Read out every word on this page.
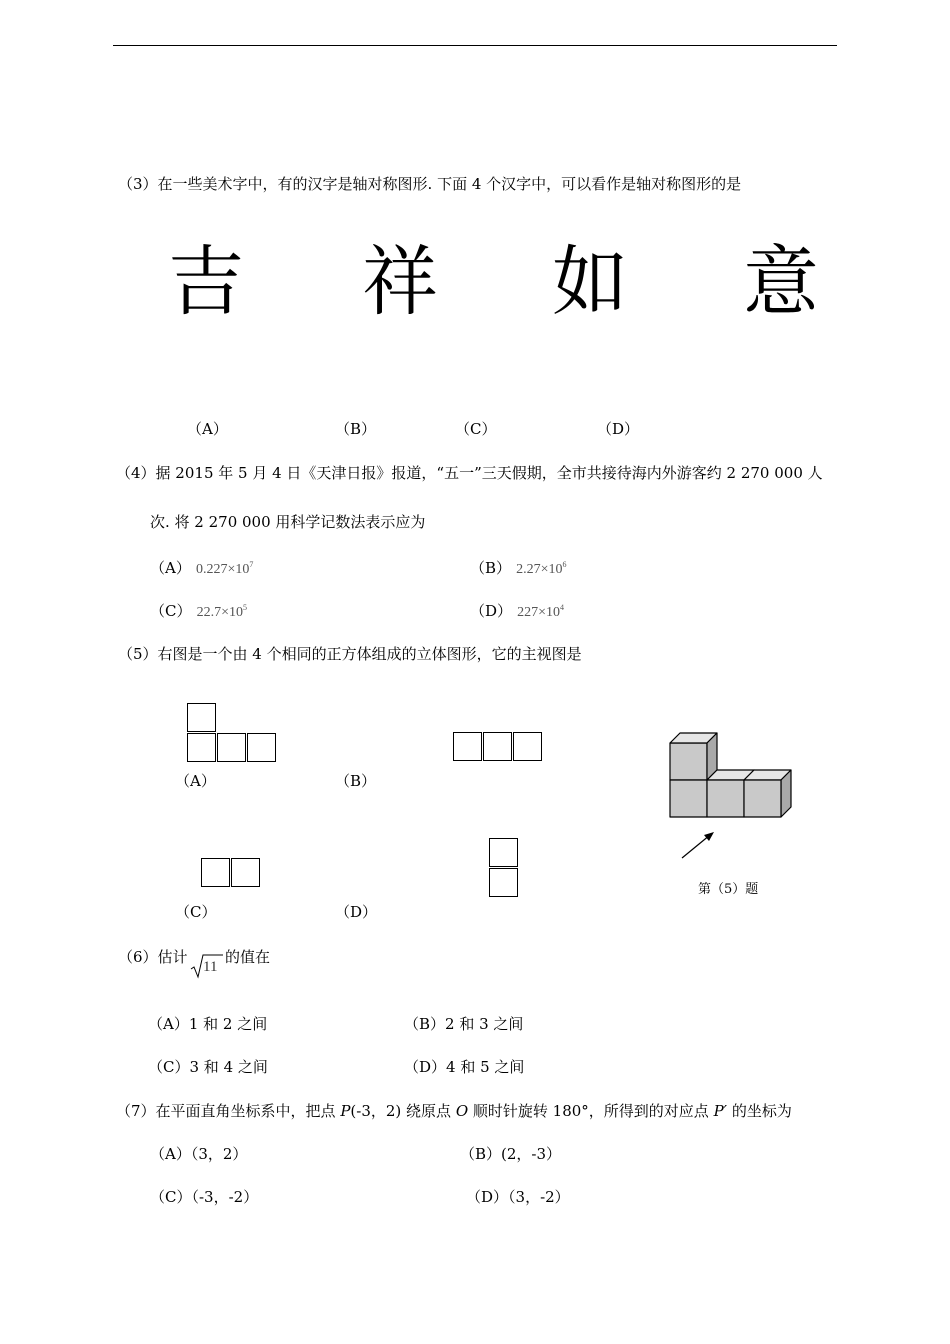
（3）在一些美术字中，有的汉字是轴对称图形. 下面 4 个汉字中，可以看作是轴对称图形的是
吉 祥 如 意
（A）	（B）	（C）	（D）
（4）据 2015 年 5 月 4 日《天津日报》报道，“五一”三天假期，全市共接待海内外游客约 2 270 000 人
次. 将 2 270 000 用科学记数法表示应为
（A） $0.227\times 10^7$	（B） $2.27\times 10^6$
（C） $22.7\times 10^5$	（D） $227\times 10^4$
（5）右图是一个由 4 个相同的正方体组成的立体图形，它的主视图是
（A）	（B）
第（5）题
（C）	（D）
（6）估计
11
的值在
（A）1 和 2 之间	（B）2 和 3 之间
（C）3 和 4 之间	（D）4 和 5 之间
（7）在平面直角坐标系中，把点 P(-3，2) 绕原点 O 顺时针旋转 180°，所得到的对应点 P′ 的坐标为
（A）（3，2）	（B）(2，-3）
（C）（-3，-2）	（D）（3，-2）
